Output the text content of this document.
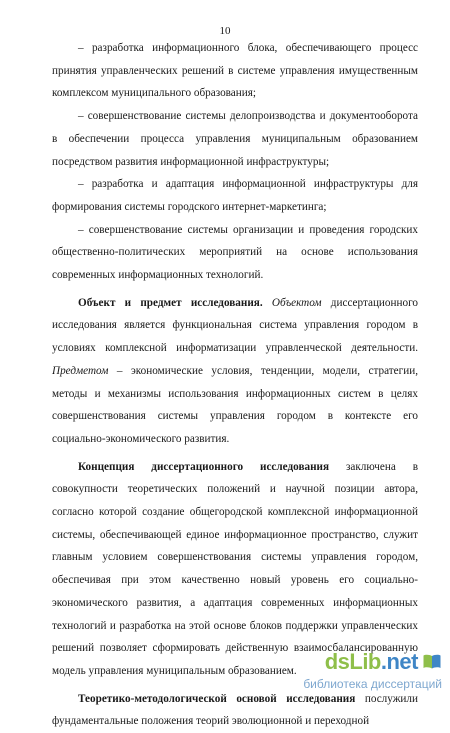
10

– разработка информационного блока, обеспечивающего процесс принятия управленческих решений в системе управления имущественным комплексом муниципального образования;

– совершенствование системы делопроизводства и документооборота в обеспечении процесса управления муниципальным образованием посредством развития информационной инфраструктуры;

– разработка и адаптация информационной инфраструктуры для формирования системы городского интернет-маркетинга;

– совершенствование системы организации и проведения городских общественно-политических мероприятий на основе использования современных информационных технологий.

Объект и предмет исследования. Объектом диссертационного исследования является функциональная система управления городом в условиях комплексной информатизации управленческой деятельности. Предметом – экономические условия, тенденции, модели, стратегии, методы и механизмы использования информационных систем в целях совершенствования системы управления городом в контексте его социально-экономического развития.

Концепция диссертационного исследования заключена в совокупности теоретических положений и научной позиции автора, согласно которой создание общегородской комплексной информационной системы, обеспечивающей единое информационное пространство, служит главным условием совершенствования системы управления городом, обеспечивая при этом качественно новый уровень его социально-экономического развития, а адаптация современных информационных технологий и разработка на этой основе блоков поддержки управленческих решений позволяет сформировать действенную взаимосбалансированную модель управления муниципальным образованием.

Теоретико-методологической основой исследования послужили фундаментальные положения теорий эволюционной и переходной

dsLib.net
библиотека диссертаций
